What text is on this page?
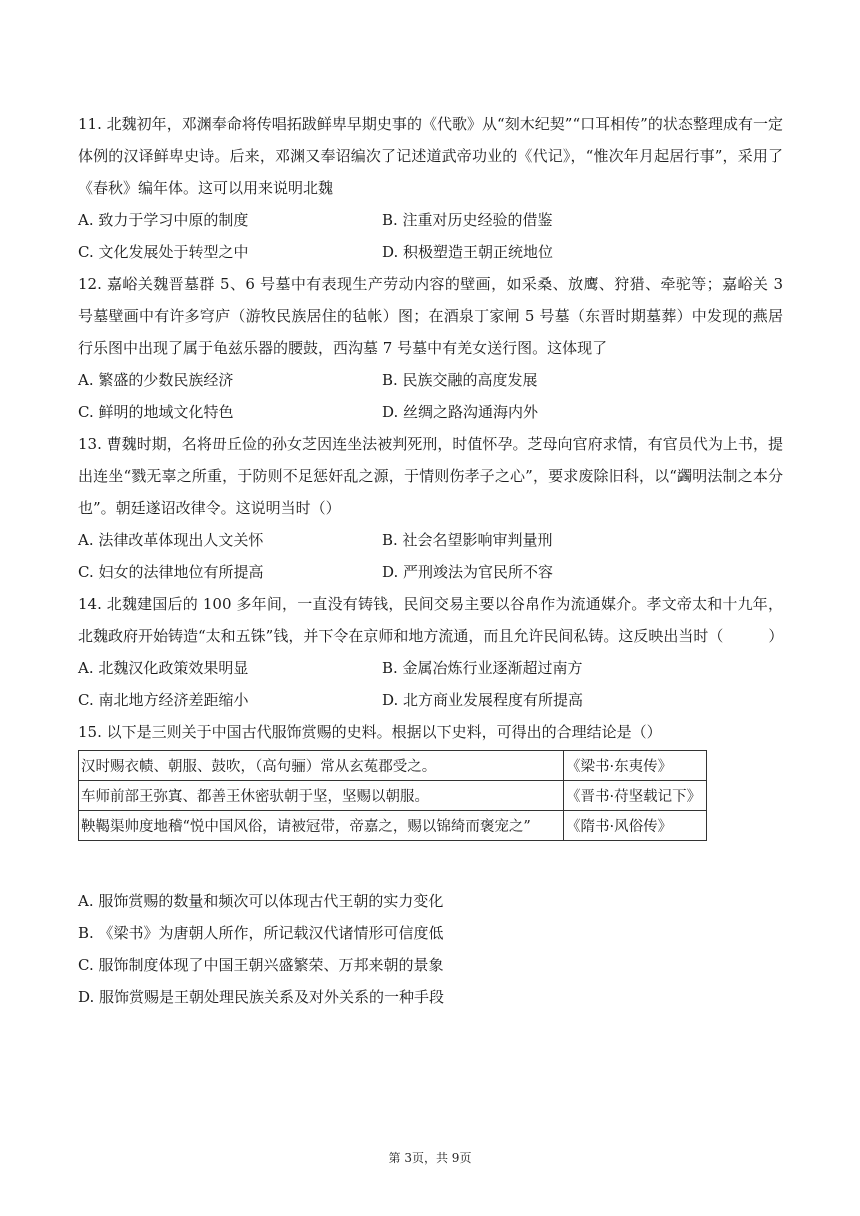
11. 北魏初年，邓渊奉命将传唱拓跋鲜卑早期史事的《代歌》从“刻木纪契”“口耳相传”的状态整理成有一定体例的汉译鲜卑史诗。后来，邓渊又奉诏编次了记述道武帝功业的《代记》，“惟次年月起居行事”，采用了《春秋》编年体。这可以用来说明北魏

A. 致力于学习中原的制度	B. 注重对历史经验的借鉴
C. 文化发展处于转型之中	D. 积极塑造王朝正统地位

12. 嘉峪关魏晋墓群 5、6 号墓中有表现生产劳动内容的壁画，如采桑、放鹰、狩猎、牵驼等；嘉峪关 3 号墓壁画中有许多穹庐（游牧民族居住的毡帐）图；在酒泉丁家闸 5 号墓（东晋时期墓葬）中发现的燕居行乐图中出现了属于龟兹乐器的腰鼓，西沟墓 7 号墓中有羌女送行图。这体现了

A. 繁盛的少数民族经济	B. 民族交融的高度发展
C. 鲜明的地域文化特色	D. 丝绸之路沟通海内外

13. 曹魏时期，名将毌丘俭的孙女芝因连坐法被判死刑，时值怀孕。芝母向官府求情，有官员代为上书，提出连坐“戮无辜之所重，于防则不足惩奸乱之源，于情则伤孝子之心”，要求废除旧科，以“蠲明法制之本分也”。朝廷遂诏改律令。这说明当时（）

A. 法律改革体现出人文关怀	B. 社会名望影响审判量刑
C. 妇女的法律地位有所提高	D. 严刑竣法为官民所不容

14. 北魏建国后的 100 多年间，一直没有铸钱，民间交易主要以谷帛作为流通媒介。孝文帝太和十九年，北魏政府开始铸造“太和五铢”钱，并下令在京师和地方流通，而且允许民间私铸。这反映出当时（　　　）

A. 北魏汉化政策效果明显	B. 金属冶炼行业逐渐超过南方
C. 南北地方经济差距缩小	D. 北方商业发展程度有所提高

15. 以下是三则关于中国古代服饰赏赐的史料。根据以下史料，可得出的合理结论是（）

汉时赐衣帻、朝服、鼓吹，（高句骊）常从玄菟郡受之。	《梁书·东夷传》
车师前部王弥寘、都善王休密驮朝于坚，坚赐以朝服。	《晋书·苻坚载记下》
鞅鞨渠帅度地稽“悦中国风俗，请被冠带，帝嘉之，赐以锦绮而褒宠之”	《隋书·风俗传》
A. 服饰赏赐的数量和频次可以体现古代王朝的实力变化
B. 《梁书》为唐朝人所作，所记载汉代诸情形可信度低
C. 服饰制度体现了中国王朝兴盛繁荣、万邦来朝的景象
D. 服饰赏赐是王朝处理民族关系及对外关系的一种手段
第 3页，共 9页
